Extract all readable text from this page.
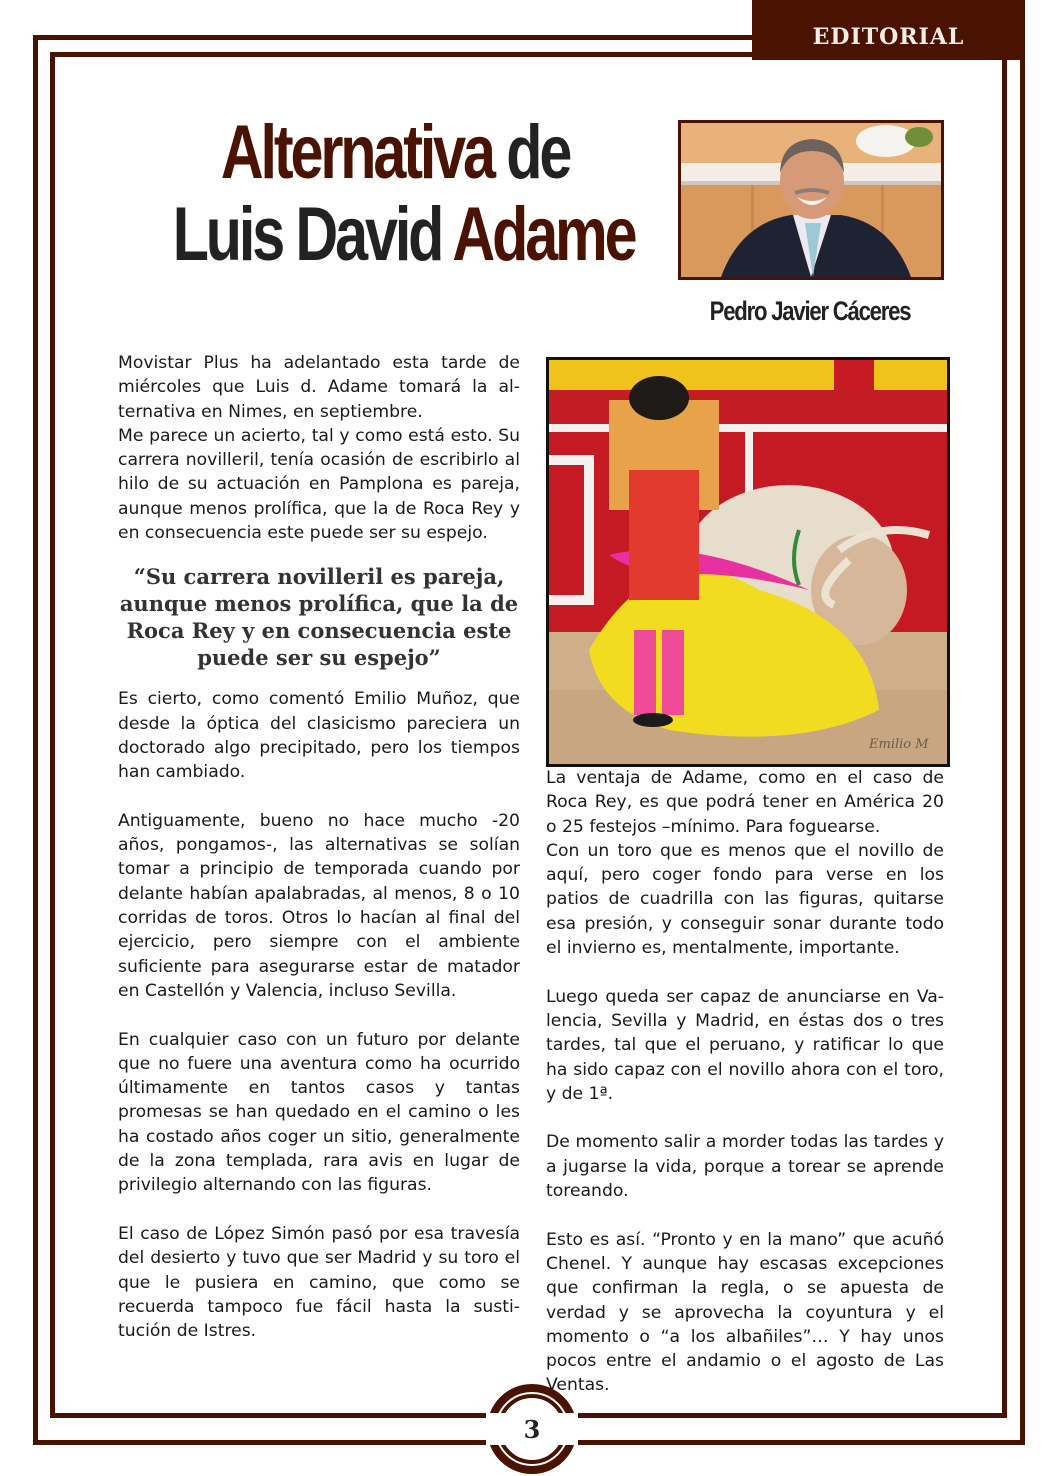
EDITORIAL
Alternativa de
Luis David Adame
Pedro Javier Cáceres

Movistar Plus ha adelantado esta tarde de miércoles que Luis d. Adame tomará la alternativa en Nimes, en septiembre.

Me parece un acierto, tal y como está esto. Su carrera novilleril, tenía ocasión de escribirlo al hilo de su actuación en Pamplona es pareja, aunque menos prolífica, que la de Roca Rey y en consecuencia este puede ser su espejo.

“Su carrera novilleril es pareja, aunque menos prolífica, que la de Roca Rey y en consecuencia este puede ser su espejo”

Es cierto, como comentó Emilio Muñoz, que desde la óptica del clasicismo pareciera un doctorado algo precipitado, pero los tiempos han cambiado.

Antiguamente, bueno no hace mucho -20 años, pongamos-, las alternativas se solían tomar a principio de temporada cuando por delante habían apalabradas, al menos, 8 o 10 corridas de toros. Otros lo hacían al final del ejercicio, pero siempre con el ambiente suficiente para asegurarse estar de matador en Castellón y Valencia, incluso Sevilla.

En cualquier caso con un futuro por delante que no fuere una aventura como ha ocurrido últimamente en tantos casos y tantas promesas se han quedado en el camino o les ha costado años coger un sitio, generalmente de la zona templada, rara avis en lugar de privilegio alternando con las figuras.

El caso de López Simón pasó por esa travesía del desierto y tuvo que ser Madrid y su toro el que le pusiera en camino, que como se recuerda tampoco fue fácil hasta la sustitución de Istres.

Emilio M

La ventaja de Adame, como en el caso de Roca Rey, es que podrá tener en América 20 o 25 festejos –mínimo. Para foguearse.

Con un toro que es menos que el novillo de aquí, pero coger fondo para verse en los patios de cuadrilla con las figuras, quitarse esa presión, y conseguir sonar durante todo el invierno es, mentalmente, importante.

Luego queda ser capaz de anunciarse en Valencia, Sevilla y Madrid, en éstas dos o tres tardes, tal que el peruano, y ratificar lo que ha sido capaz con el novillo ahora con el toro, y de 1ª.

De momento salir a morder todas las tardes y a jugarse la vida, porque a torear se aprende toreando.

Esto es así. “Pronto y en la mano” que acuñó Chenel. Y aunque hay escasas excepciones que confirman la regla, o se apuesta de verdad y se aprovecha la coyuntura y el momento o “a los albañiles”… Y hay unos pocos entre el andamio o el agosto de Las Ventas.

3
